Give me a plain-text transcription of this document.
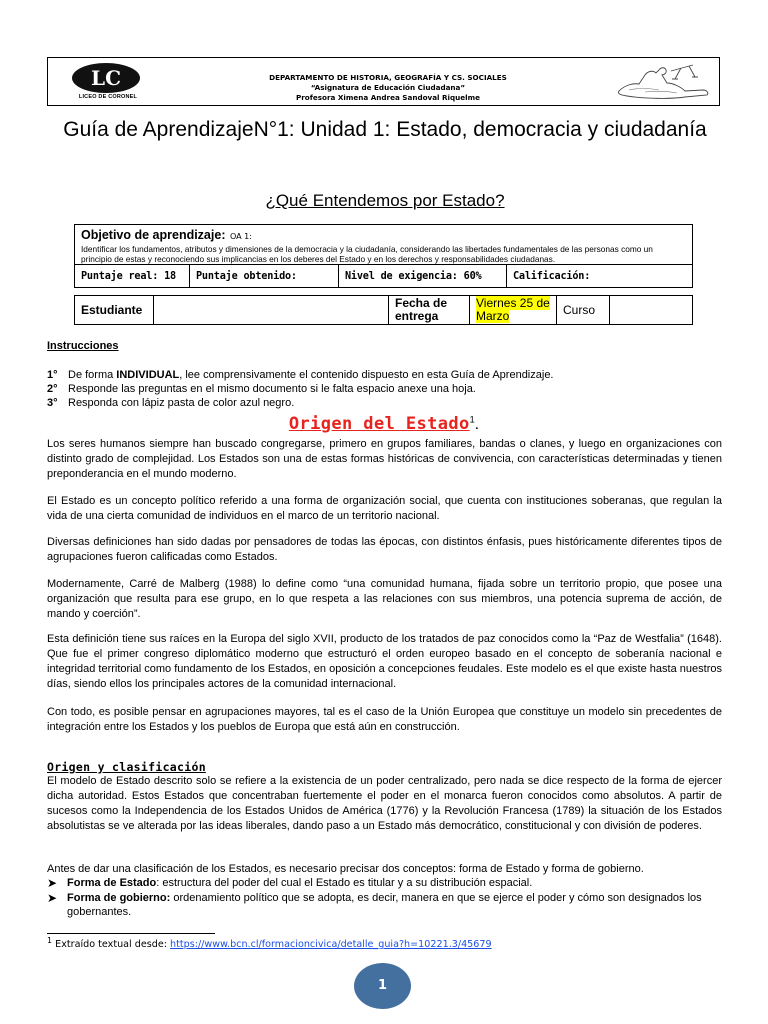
LC
LICEO DE CORONEL
DEPARTAMENTO DE HISTORIA, GEOGRAFÍA Y CS. SOCIALES
“Asignatura de Educación Ciudadana”
Profesora Ximena Andrea Sandoval Riquelme
Guía de AprendizajeN°1: Unidad 1: Estado, democracia y ciudadanía
¿Qué Entendemos por Estado?
Objetivo de aprendizaje: OA 1:
Identificar los fundamentos, atributos y dimensiones de la democracia y la ciudadanía, considerando las libertades fundamentales de las personas como un principio de estas y reconociendo sus implicancias en los deberes del Estado y en los derechos y responsabilidades ciudadanas.

Puntaje real: 18	Puntaje obtenido:	Nivel de exigencia: 60%	Calificación:
Estudiante		Fecha de entrega	Viernes 25 de Marzo	Curso	
Instrucciones
1° De forma INDIVIDUAL, lee comprensivamente el contenido dispuesto en esta Guía de Aprendizaje.
2° Responde las preguntas en el mismo documento si le falta espacio anexe una hoja.
3° Responda con lápiz pasta de color azul negro.
Origen del Estado$^1$.

Los seres humanos siempre han buscado congregarse, primero en grupos familiares, bandas o clanes, y luego en organizaciones con distinto grado de complejidad. Los Estados son una de estas formas históricas de convivencia, con características determinadas y tienen preponderancia en el mundo moderno.

El Estado es un concepto político referido a una forma de organización social, que cuenta con instituciones soberanas, que regulan la vida de una cierta comunidad de individuos en el marco de un territorio nacional.

Diversas definiciones han sido dadas por pensadores de todas las épocas, con distintos énfasis, pues históricamente diferentes tipos de agrupaciones fueron calificadas como Estados.

Modernamente, Carré de Malberg (1988) lo define como “una comunidad humana, fijada sobre un territorio propio, que posee una organización que resulta para ese grupo, en lo que respeta a las relaciones con sus miembros, una potencia suprema de acción, de mando y coerción”.

Esta definición tiene sus raíces en la Europa del siglo XVII, producto de los tratados de paz conocidos como la “Paz de Westfalia” (1648). Que fue el primer congreso diplomático moderno que estructuró el orden europeo basado en el concepto de soberanía nacional e integridad territorial como fundamento de los Estados, en oposición a concepciones feudales. Este modelo es el que existe hasta nuestros días, siendo ellos los principales actores de la comunidad internacional.

Con todo, es posible pensar en agrupaciones mayores, tal es el caso de la Unión Europea que constituye un modelo sin precedentes de integración entre los Estados y los pueblos de Europa que está aún en construcción.

Origen y clasificación

El modelo de Estado descrito solo se refiere a la existencia de un poder centralizado, pero nada se dice respecto de la forma de ejercer dicha autoridad. Estos Estados que concentraban fuertemente el poder en el monarca fueron conocidos como absolutos. A partir de sucesos como la Independencia de los Estados Unidos de América (1776) y la Revolución Francesa (1789) la situación de los Estados absolutistas se ve alterada por las ideas liberales, dando paso a un Estado más democrático, constitucional y con división de poderes.

Antes de dar una clasificación de los Estados, es necesario precisar dos conceptos: forma de Estado y forma de gobierno.

➤ Forma de Estado: estructura del poder del cual el Estado es titular y a su distribución espacial.
➤ Forma de gobierno: ordenamiento político que se adopta, es decir, manera en que se ejerce el poder y cómo son designados los gobernantes.
$^1$ Extraído textual desde: https://www.bcn.cl/formacioncivica/detalle_guia?h=10221.3/45679
1
